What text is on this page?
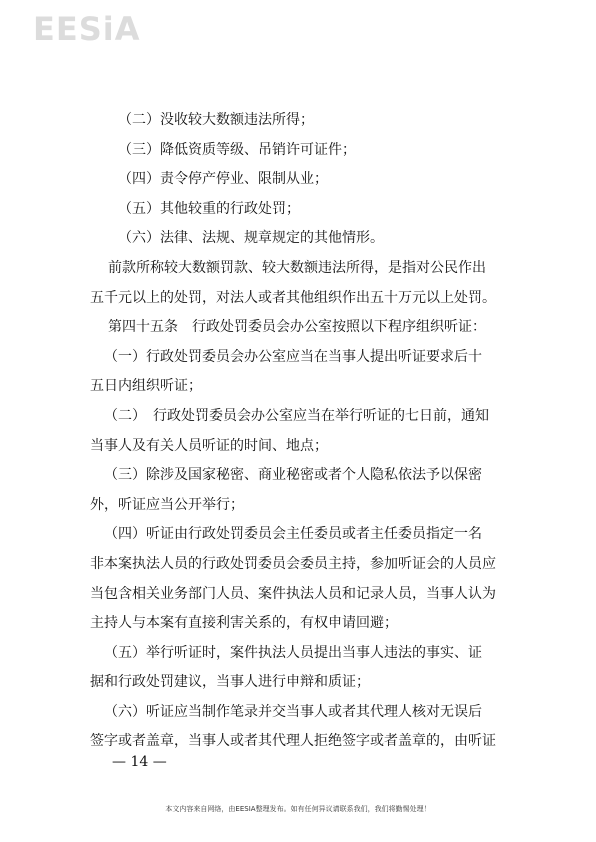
EESiA
（二）没收较大数额违法所得；
（三）降低资质等级、吊销许可证件；
（四）责令停产停业、限制从业；
（五）其他较重的行政处罚；
（六）法律、法规、规章规定的其他情形。
前款所称较大数额罚款、较大数额违法所得，是指对公民作出
五千元以上的处罚，对法人或者其他组织作出五十万元以上处罚。
第四十五条　行政处罚委员会办公室按照以下程序组织听证：
（一）行政处罚委员会办公室应当在当事人提出听证要求后十
五日内组织听证；
（二）　行政处罚委员会办公室应当在举行听证的七日前，通知
当事人及有关人员听证的时间、地点；
（三）除涉及国家秘密、商业秘密或者个人隐私依法予以保密
外，听证应当公开举行；
（四）听证由行政处罚委员会主任委员或者主任委员指定一名
非本案执法人员的行政处罚委员会委员主持，参加听证会的人员应
当包含相关业务部门人员、案件执法人员和记录人员，当事人认为
主持人与本案有直接利害关系的，有权申请回避；
（五）举行听证时，案件执法人员提出当事人违法的事实、证
据和行政处罚建议，当事人进行申辩和质证；
（六）听证应当制作笔录并交当事人或者其代理人核对无误后
签字或者盖章，当事人或者其代理人拒绝签字或者盖章的，由听证
— 14 —
本文内容来自网络，由EESIA整理发布。如有任何异议请联系我们，我们将勤惕处理！
